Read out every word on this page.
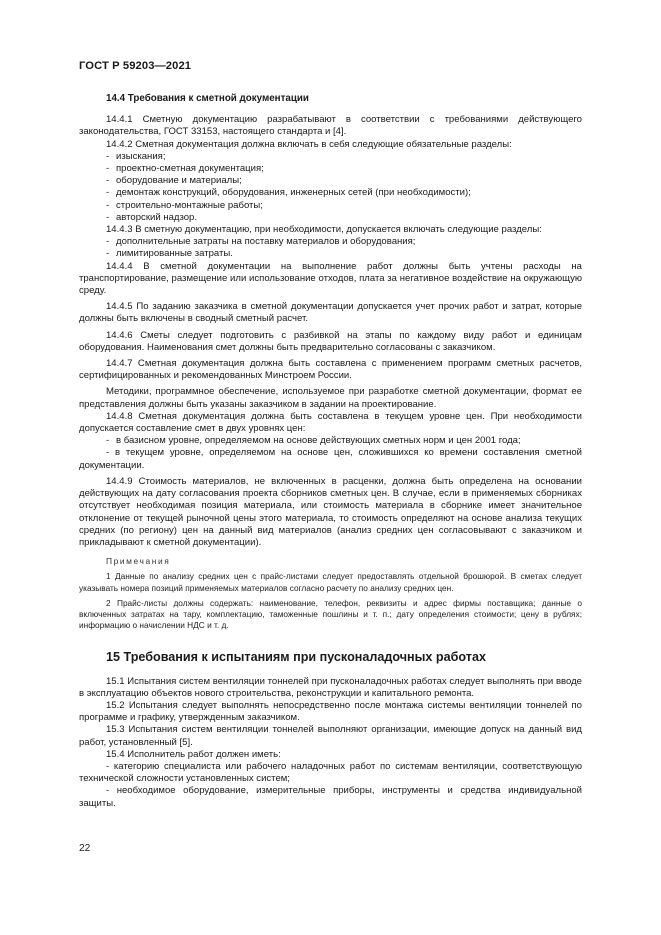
ГОСТ Р 59203—2021
14.4 Требования к сметной документации

14.4.1 Сметную документацию разрабатывают в соответствии с требованиями действующего законодательства, ГОСТ 33153, настоящего стандарта и [4].

14.4.2 Сметная документация должна включать в себя следующие обязательные разделы:

- изыскания;

- проектно-сметная документация;

- оборудование и материалы;

- демонтаж конструкций, оборудования, инженерных сетей (при необходимости);

- строительно-монтажные работы;

- авторский надзор.

14.4.3 В сметную документацию, при необходимости, допускается включать следующие разделы:

- дополнительные затраты на поставку материалов и оборудования;

- лимитированные затраты.

14.4.4 В сметной документации на выполнение работ должны быть учтены расходы на транспортирование, размещение или использование отходов, плата за негативное воздействие на окружающую среду.

14.4.5 По заданию заказчика в сметной документации допускается учет прочих работ и затрат, которые должны быть включены в сводный сметный расчет.

14.4.6 Сметы следует подготовить с разбивкой на этапы по каждому виду работ и единицам оборудования. Наименования смет должны быть предварительно согласованы с заказчиком.

14.4.7 Сметная документация должна быть составлена с применением программ сметных расчетов, сертифицированных и рекомендованных Минстроем России.

Методики, программное обеспечение, используемое при разработке сметной документации, формат ее представления должны быть указаны заказчиком в задании на проектирование.

14.4.8 Сметная документация должна быть составлена в текущем уровне цен. При необходимости допускается составление смет в двух уровнях цен:

- в базисном уровне, определяемом на основе действующих сметных норм и цен 2001 года;

- в текущем уровне, определяемом на основе цен, сложившихся ко времени составления сметной документации.

14.4.9 Стоимость материалов, не включенных в расценки, должна быть определена на основании действующих на дату согласования проекта сборников сметных цен. В случае, если в применяемых сборниках отсутствует необходимая позиция материала, или стоимость материала в сборнике имеет значительное отклонение от текущей рыночной цены этого материала, то стоимость определяют на основе анализа текущих средних (по региону) цен на данный вид материалов (анализ средних цен согласовывают с заказчиком и прикладывают к сметной документации).

Примечания
1 Данные по анализу средних цен с прайс-листами следует предоставлять отдельной брошюрой. В сметах следует указывать номера позиций применяемых материалов согласно расчету по анализу средних цен.
2 Прайс-листы должны содержать: наименование, телефон, реквизиты и адрес фирмы поставщика; данные о включенных затратах на тару, комплектацию, таможенные пошлины и т. п.; дату определения стоимости; цену в рублях; информацию о начислении НДС и т. д.
15 Требования к испытаниям при пусконаладочных работах

15.1 Испытания систем вентиляции тоннелей при пусконаладочных работах следует выполнять при вводе в эксплуатацию объектов нового строительства, реконструкции и капитального ремонта.

15.2 Испытания следует выполнять непосредственно после монтажа системы вентиляции тоннелей по программе и графику, утвержденным заказчиком.

15.3 Испытания систем вентиляции тоннелей выполняют организации, имеющие допуск на данный вид работ, установленный [5].

15.4 Исполнитель работ должен иметь:

- категорию специалиста или рабочего наладочных работ по системам вентиляции, соответствующую технической сложности установленных систем;

- необходимое оборудование, измерительные приборы, инструменты и средства индивидуальной защиты.

22
